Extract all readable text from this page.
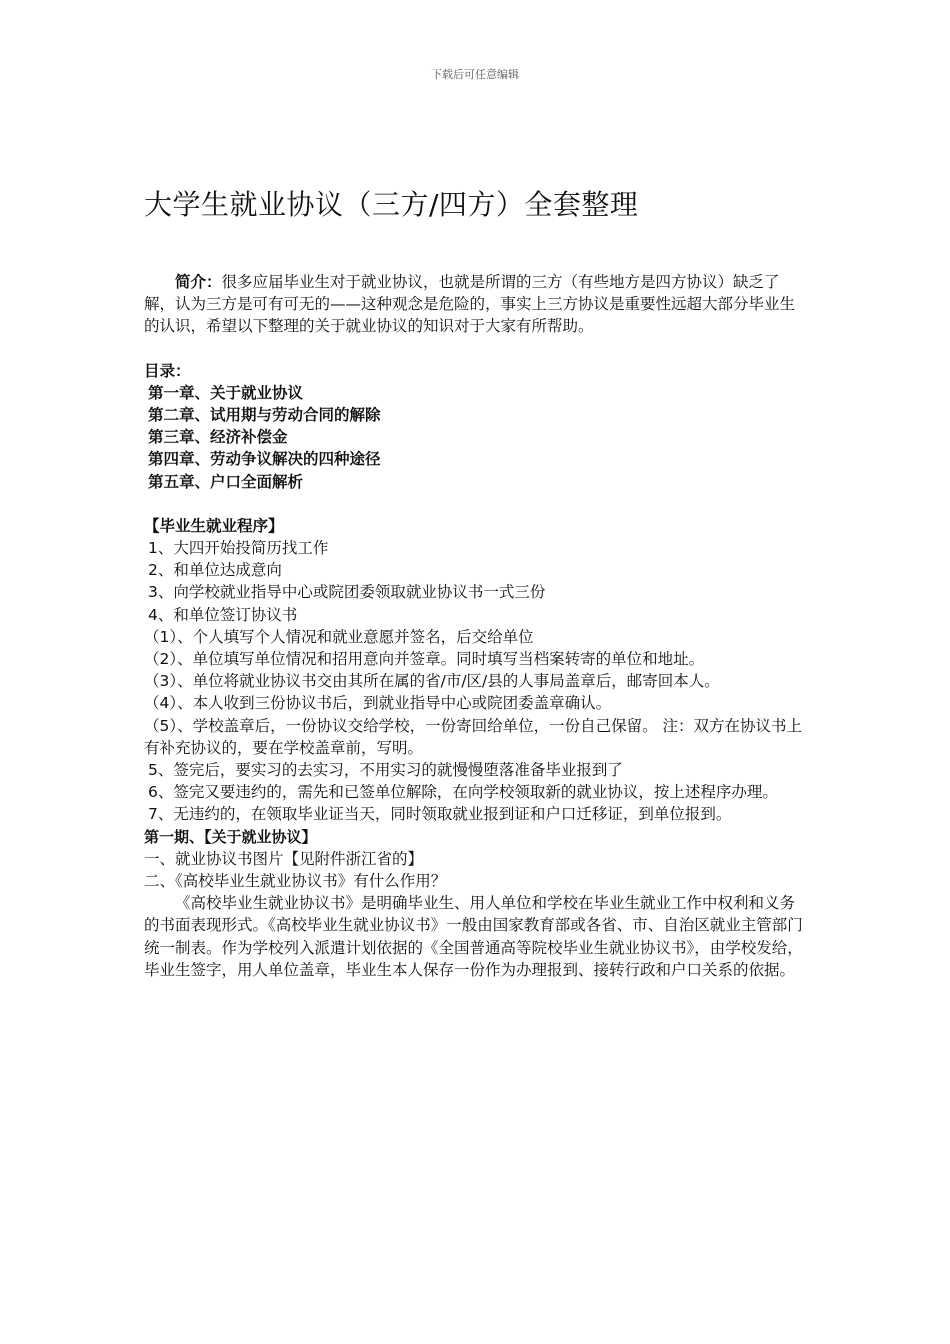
下载后可任意编辑
大学生就业协议（三方/四方）全套整理

简介：很多应届毕业生对于就业协议，也就是所谓的三方（有些地方是四方协议）缺乏了解，认为三方是可有可无的——这种观念是危险的，事实上三方协议是重要性远超大部分毕业生的认识，希望以下整理的关于就业协议的知识对于大家有所帮助。

目录：

第一章、关于就业协议

第二章、试用期与劳动合同的解除

第三章、经济补偿金

第四章、劳动争议解决的四种途径

第五章、户口全面解析

【毕业生就业程序】

1、大四开始投简历找工作

2、和单位达成意向

3、向学校就业指导中心或院团委领取就业协议书一式三份

4、和单位签订协议书

（1）、个人填写个人情况和就业意愿并签名，后交给单位

（2）、单位填写单位情况和招用意向并签章。同时填写当档案转寄的单位和地址。

（3）、单位将就业协议书交由其所在属的省/市/区/县的人事局盖章后，邮寄回本人。

（4）、本人收到三份协议书后，到就业指导中心或院团委盖章确认。

（5）、学校盖章后，一份协议交给学校，一份寄回给单位，一份自己保留。 注：双方在协议书上有补充协议的，要在学校盖章前，写明。

5、签完后，要实习的去实习，不用实习的就慢慢堕落准备毕业报到了

6、签完又要违约的，需先和已签单位解除，在向学校领取新的就业协议，按上述程序办理。

7、无违约的，在领取毕业证当天，同时领取就业报到证和户口迁移证，到单位报到。

第一期、【关于就业协议】

一、就业协议书图片【见附件浙江省的】

二、《高校毕业生就业协议书》有什么作用？

《高校毕业生就业协议书》是明确毕业生、用人单位和学校在毕业生就业工作中权利和义务的书面表现形式。《高校毕业生就业协议书》一般由国家教育部或各省、市、自治区就业主管部门统一制表。作为学校列入派遣计划依据的《全国普通高等院校毕业生就业协议书》，由学校发给，毕业生签字，用人单位盖章，毕业生本人保存一份作为办理报到、接转行政和户口关系的依据。
